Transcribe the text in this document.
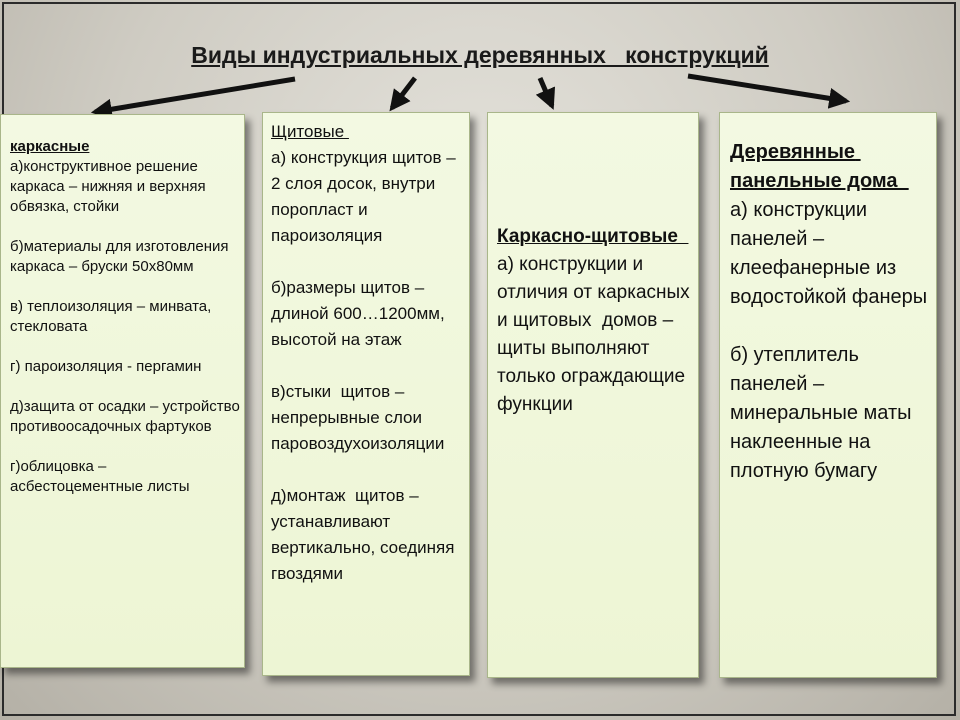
Виды индустриальных деревянных   конструкций
каркасные
а)конструктивное решение каркаса – нижняя и верхняя обвязка, стойки
б)материалы для изготовления каркаса – бруски 50х80мм
в) теплоизоляция – минвата, стекловата
г) пароизоляция - пергамин
д)защита от осадки – устройство противоосадочных фартуков
г)облицовка – асбестоцементные листы
Щитовые
а) конструкция щитов – 2 слоя досок, внутри поропласт и пароизоляция
б)размеры щитов – длиной 600…1200мм, высотой на этаж
в)стыки  щитов – непрерывные слои паровоздухоизоляции
д)монтаж  щитов – устанавливают вертикально, соединяя гвоздями
Каркасно-щитовые
а) конструкции и отличия от каркасных и щитовых  домов – щиты выполняют только ограждающие функции
Деревянные панельные дома
а) конструкции панелей – клеефанерные из водостойкой фанеры
б) утеплитель панелей – минеральные маты наклеенные на плотную бумагу
